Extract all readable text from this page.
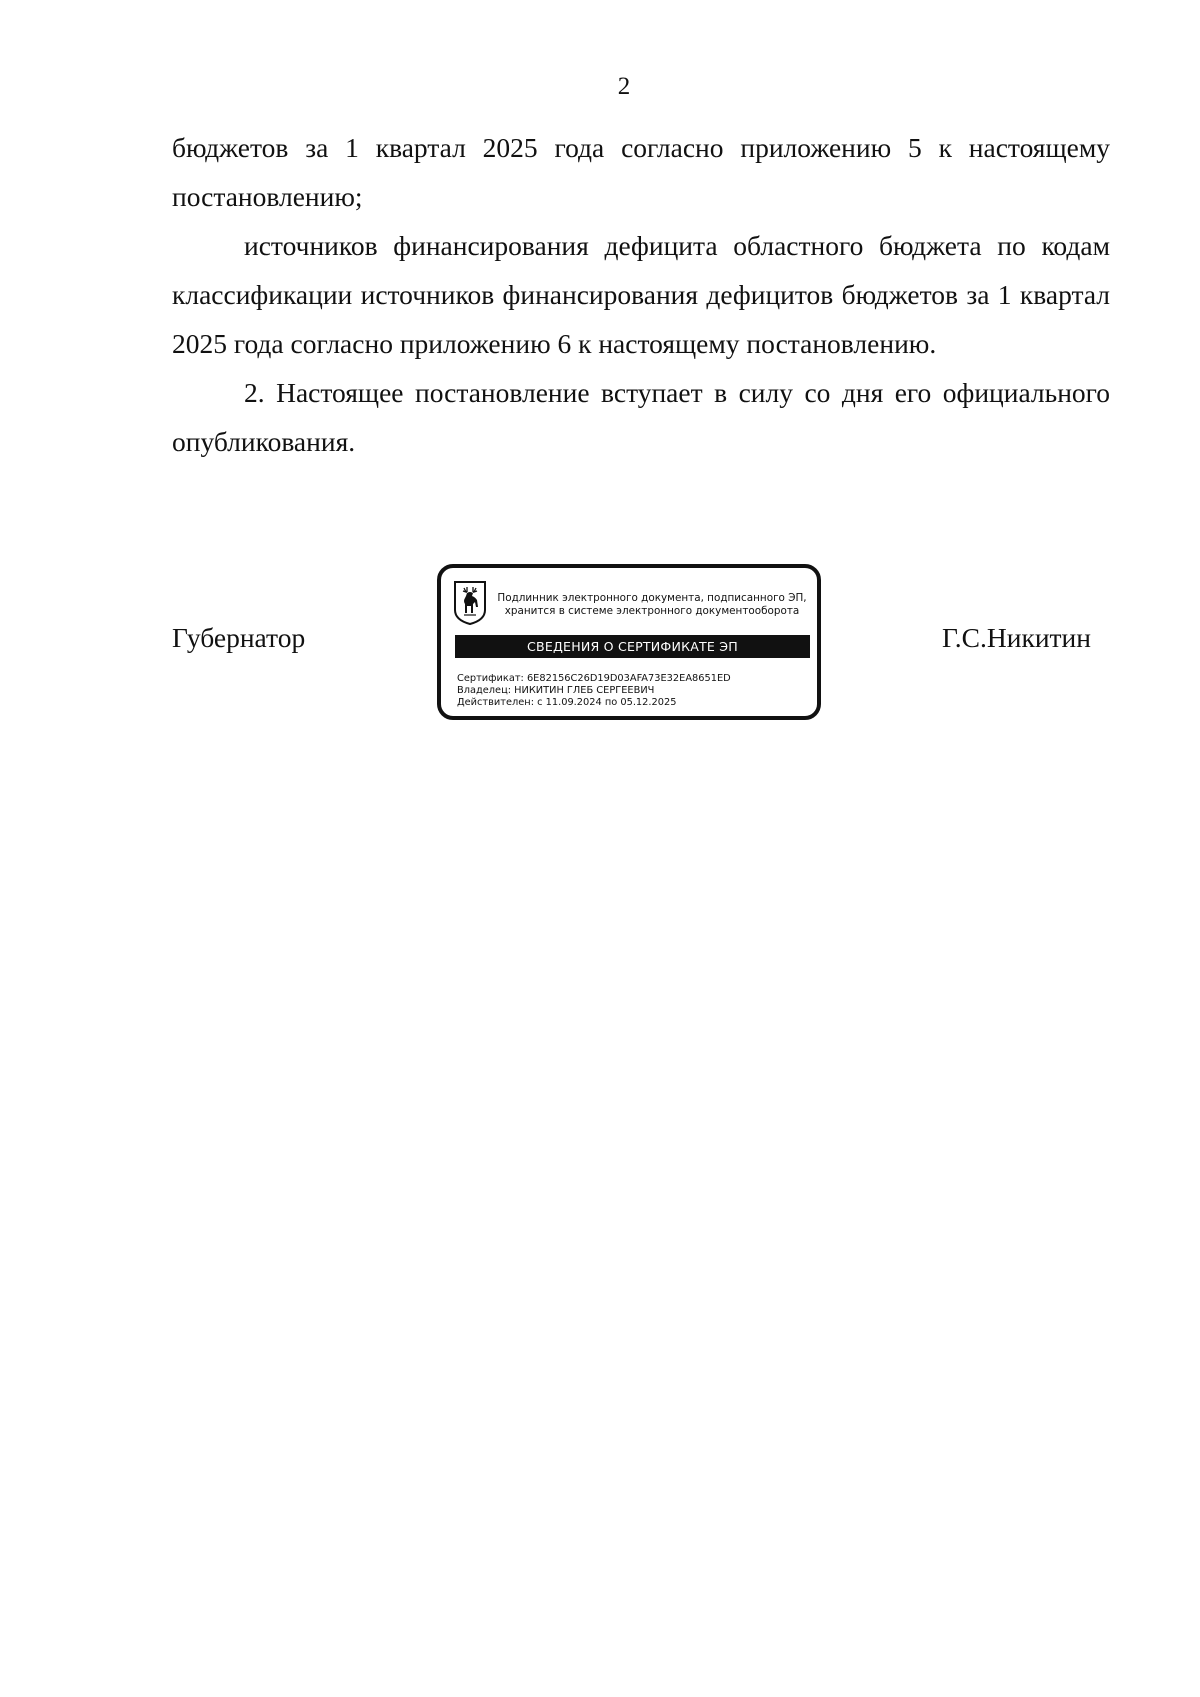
2

бюджетов за 1 квартал 2025 года согласно приложению 5 к настоящему постановлению;

источников финансирования дефицита областного бюджета по кодам классификации источников финансирования дефицитов бюджетов за 1 квартал 2025 года согласно приложению 6 к настоящему постановлению.

2. Настоящее постановление вступает в силу со дня его официального опубликования.

Губернатор
Подлинник электронного документа, подписанного ЭП,
хранится в системе электронного документооборота
СВЕДЕНИЯ О СЕРТИФИКАТЕ ЭП
Сертификат: 6E82156C26D19D03AFA73E32EA8651ED
Владелец: НИКИТИН ГЛЕБ СЕРГЕЕВИЧ
Действителен: с 11.09.2024 по 05.12.2025
Г.С.Никитин
